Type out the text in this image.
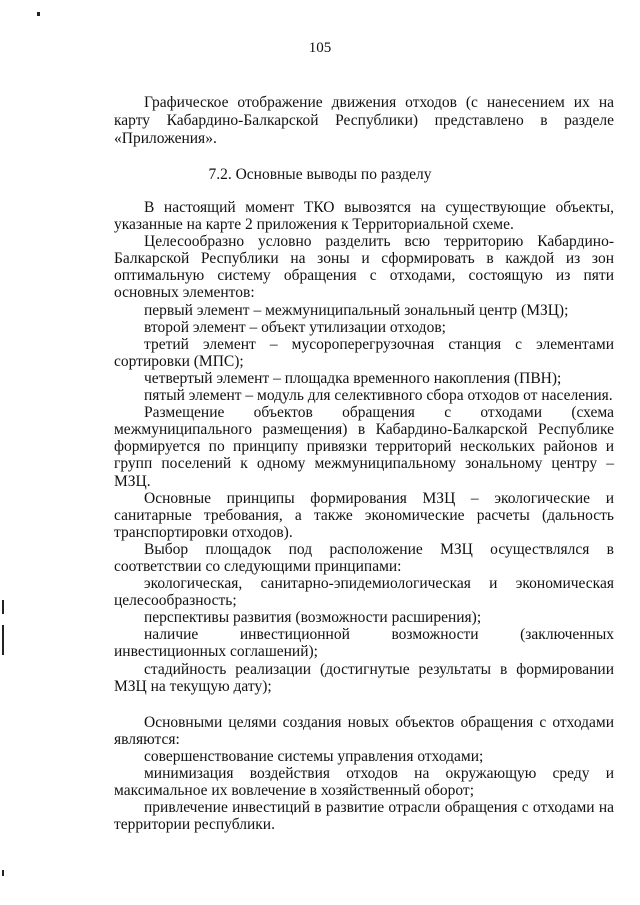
105

Графическое отображение движения отходов (с нанесением их на карту Кабардино-Балкарской Республики) представлено в разделе «Приложения».

7.2. Основные выводы по разделу

В настоящий момент ТКО вывозятся на существующие объекты, указанные на карте 2 приложения к Территориальной схеме.

Целесообразно условно разделить всю территорию Кабардино-Балкарской Республики на зоны и сформировать в каждой из зон оптимальную систему обращения с отходами, состоящую из пяти основных элементов:

первый элемент – межмуниципальный зональный центр (МЗЦ);

второй элемент – объект утилизации отходов;

третий элемент – мусороперегрузочная станция с элементами сортировки (МПС);

четвертый элемент – площадка временного накопления (ПВН);

пятый элемент – модуль для селективного сбора отходов от населения.

Размещение объектов обращения с отходами (схема межмуниципального размещения) в Кабардино-Балкарской Республике формируется по принципу привязки территорий нескольких районов и групп поселений к одному межмуниципальному зональному центру – МЗЦ.

Основные принципы формирования МЗЦ – экологические и санитарные требования, а также экономические расчеты (дальность транспортировки отходов).

Выбор площадок под расположение МЗЦ осуществлялся в соответствии со следующими принципами:

экологическая, санитарно-эпидемиологическая и экономическая целесообразность;

перспективы развития (возможности расширения);

наличие инвестиционной возможности (заключенных инвестиционных соглашений);

стадийность реализации (достигнутые результаты в формировании МЗЦ на текущую дату);

Основными целями создания новых объектов обращения с отходами являются:

совершенствование системы управления отходами;

минимизация воздействия отходов на окружающую среду и максимальное их вовлечение в хозяйственный оборот;

привлечение инвестиций в развитие отрасли обращения с отходами на территории республики.
